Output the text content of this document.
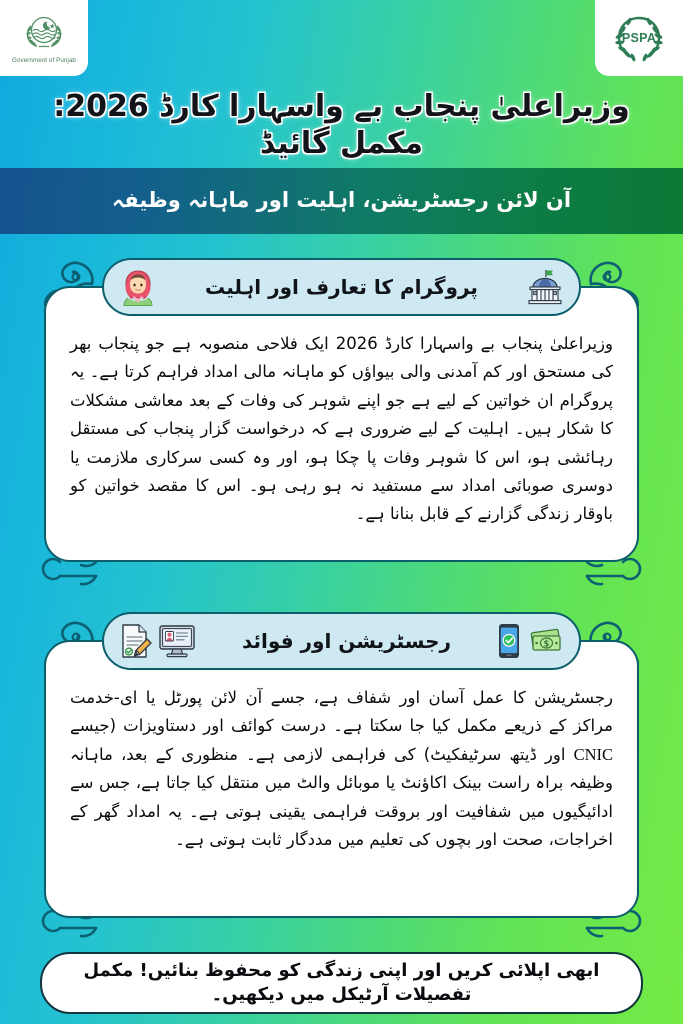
Government of Punjab
PSPA
وزیراعلیٰ پنجاب بے واسہارا کارڈ 2026: مکمل گائیڈ
آن لائن رجسٹریشن، اہلیت اور ماہانہ وظیفہ
پروگرام کا تعارف اور اہلیت

وزیراعلیٰ پنجاب بے واسہارا کارڈ 2026 ایک فلاحی منصوبہ ہے جو پنجاب بھر کی مستحق اور کم آمدنی والی بیواؤں کو ماہانہ مالی امداد فراہم کرتا ہے۔ یہ پروگرام ان خواتین کے لیے ہے جو اپنے شوہر کی وفات کے بعد معاشی مشکلات کا شکار ہیں۔ اہلیت کے لیے ضروری ہے کہ درخواست گزار پنجاب کی مستقل رہائشی ہو، اس کا شوہر وفات پا چکا ہو، اور وہ کسی سرکاری ملازمت یا دوسری صوبائی امداد سے مستفید نہ ہو رہی ہو۔ اس کا مقصد خواتین کو باوقار زندگی گزارنے کے قابل بنانا ہے۔

$
رجسٹریشن اور فوائد

رجسٹریشن کا عمل آسان اور شفاف ہے، جسے آن لائن پورٹل یا ای-خدمت مراکز کے ذریعے مکمل کیا جا سکتا ہے۔ درست کوائف اور دستاویزات (جیسے CNIC اور ڈیتھ سرٹیفکیٹ) کی فراہمی لازمی ہے۔ منظوری کے بعد، ماہانہ وظیفہ براہ راست بینک اکاؤنٹ یا موبائل والٹ میں منتقل کیا جاتا ہے، جس سے ادائیگیوں میں شفافیت اور بروقت فراہمی یقینی ہوتی ہے۔ یہ امداد گھر کے اخراجات، صحت اور بچوں کی تعلیم میں مددگار ثابت ہوتی ہے۔

ابھی اپلائی کریں اور اپنی زندگی کو محفوظ بنائیں! مکمل تفصیلات آرٹیکل میں دیکھیں۔
